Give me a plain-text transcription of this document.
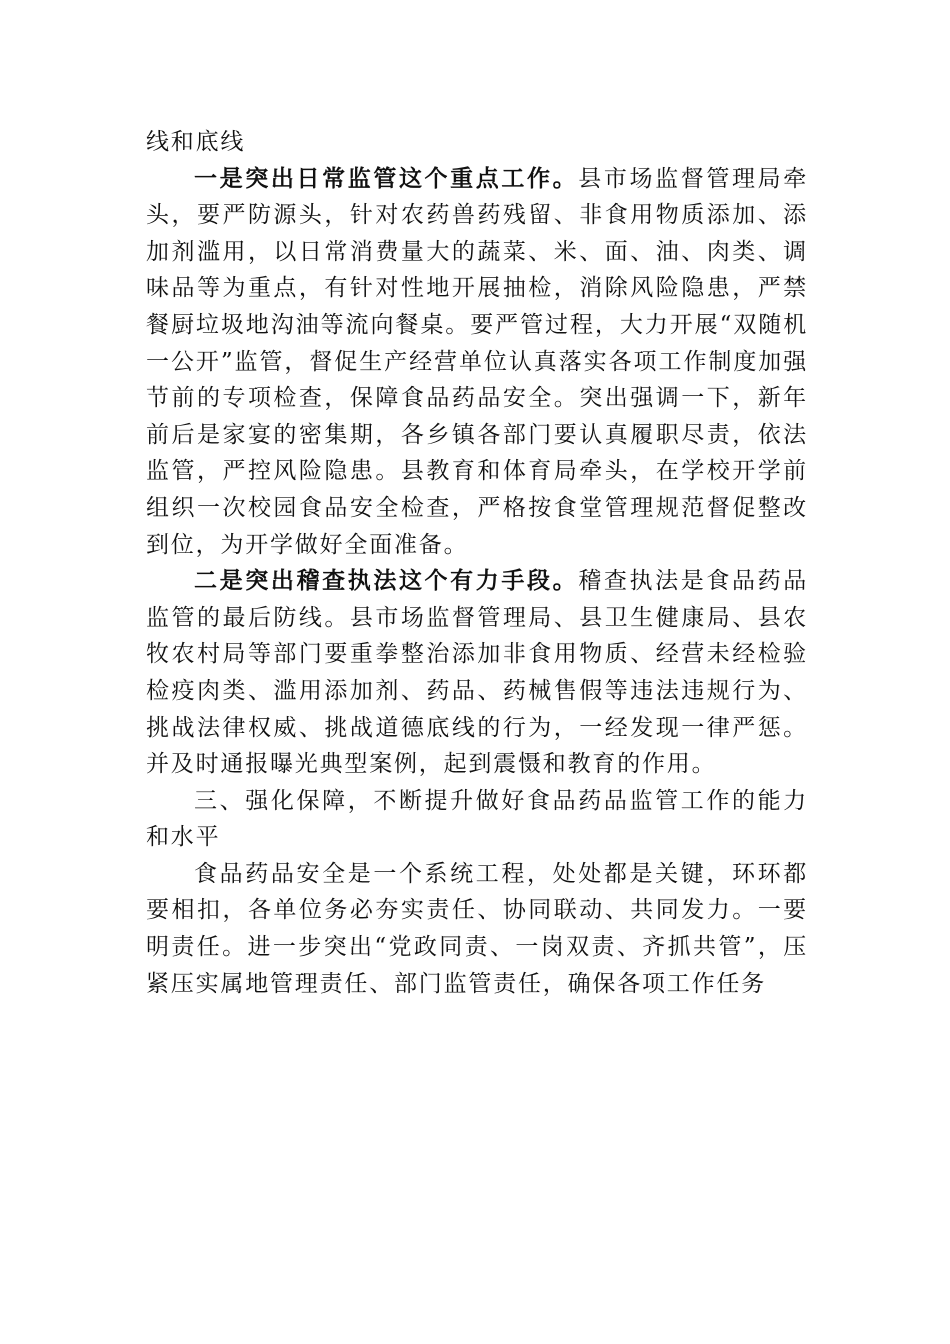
线和底线

一是突出日常监管这个重点工作。县市场监督管理局牵头，要严防源头，针对农药兽药残留、非食用物质添加、添加剂滥用，以日常消费量大的蔬菜、米、面、油、肉类、调味品等为重点，有针对性地开展抽检，消除风险隐患，严禁餐厨垃圾地沟油等流向餐桌。要严管过程，大力开展“双随机一公开”监管，督促生产经营单位认真落实各项工作制度加强节前的专项检查，保障食品药品安全。突出强调一下，新年前后是家宴的密集期，各乡镇各部门要认真履职尽责，依法监管，严控风险隐患。县教育和体育局牵头，在学校开学前组织一次校园食品安全检查，严格按食堂管理规范督促整改到位，为开学做好全面准备。

二是突出稽查执法这个有力手段。稽查执法是食品药品监管的最后防线。县市场监督管理局、县卫生健康局、县农牧农村局等部门要重拳整治添加非食用物质、经营未经检验检疫肉类、滥用添加剂、药品、药械售假等违法违规行为、挑战法律权威、挑战道德底线的行为，一经发现一律严惩。并及时通报曝光典型案例，起到震慑和教育的作用。

三、强化保障，不断提升做好食品药品监管工作的能力和水平

食品药品安全是一个系统工程，处处都是关键，环环都要相扣，各单位务必夯实责任、协同联动、共同发力。一要明责任。进一步突出“党政同责、一岗双责、齐抓共管”，压紧压实属地管理责任、部门监管责任，确保各项工作任务
